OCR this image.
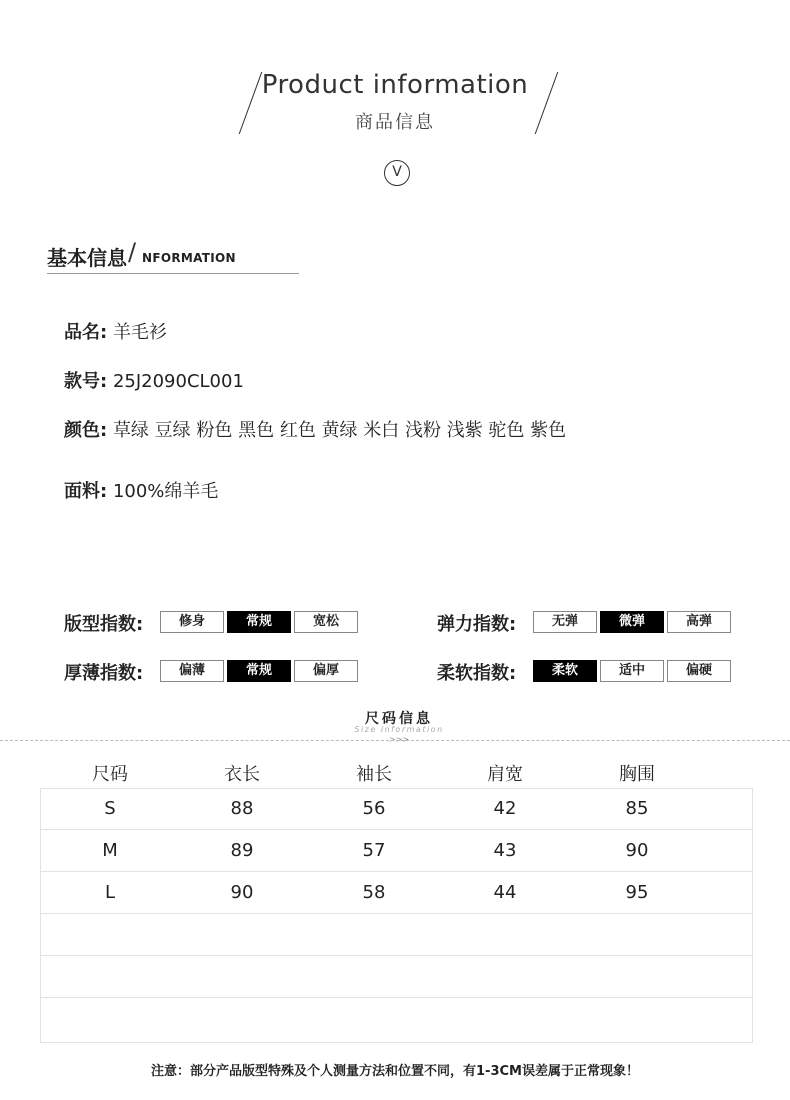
Product information
商品信息
V
基本信息 / NFORMATION
品名: 羊毛衫
款号: 25J2090CL001
颜色: 草绿 豆绿 粉色 黑色 红色 黄绿 米白 浅粉 浅紫 驼色 紫色
面料: 100%绵羊毛
版型指数:	修身	常规	宽松	弹力指数:	无弹	微弹	高弹
厚薄指数:	偏薄	常规	偏厚	柔软指数:	柔软	适中	偏硬
尺码信息
Size information
>>>
尺码	衣长	袖长	肩宽	胸围
S	88	56	42	85
M	89	57	43	90
L	90	58	44	95
注意：部分产品版型特殊及个人测量方法和位置不同，有1-3CM误差属于正常现象！
